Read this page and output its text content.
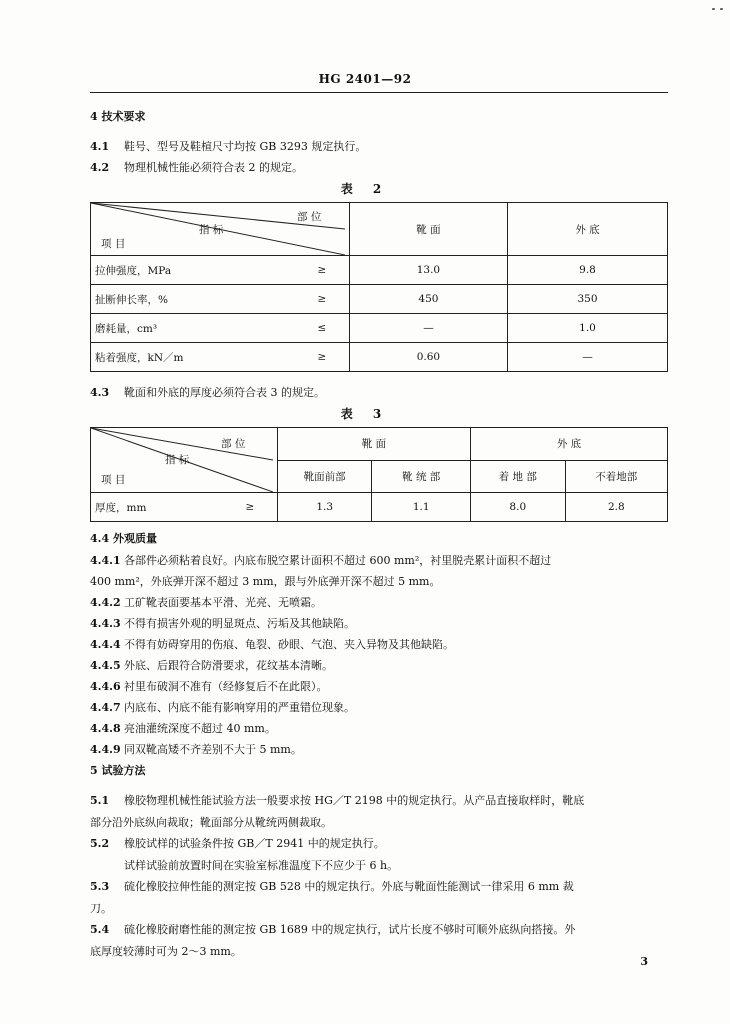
HG 2401—92
4 技术要求
4.1 鞋号、型号及鞋楦尺寸均按 GB 3293 规定执行。
4.2 物理机械性能必须符合表 2 的规定。
表 2
部 位
指 标
项 目		靴 面	外 底
拉伸强度，MPa	≥	13.0	9.8
扯断伸长率，%	≥	450	350
磨耗量，cm³	≤	—	1.0
粘着强度，kN／m	≥	0.60	—
4.3 靴面和外底的厚度必须符合表 3 的规定。
表 3
部 位
指 标
项 目		靴 面		外 底	
		靴面前部	靴 统 部	着 地 部	不着地部
厚度，mm	≥	1.3	1.1	8.0	2.8
4.4 外观质量
4.4.1 各部件必须粘着良好。内底布脱空累计面积不超过 600 mm²，衬里脱壳累计面积不超过
400 mm²，外底弹开深不超过 3 mm，跟与外底弹开深不超过 5 mm。
4.4.2 工矿靴表面要基本平滑、光亮、无喷霜。
4.4.3 不得有损害外观的明显斑点、污垢及其他缺陷。
4.4.4 不得有妨碍穿用的伤痕、龟裂、砂眼、气泡、夹入异物及其他缺陷。
4.4.5 外底、后跟符合防滑要求，花纹基本清晰。
4.4.6 衬里布破洞不准有（经修复后不在此限）。
4.4.7 内底布、内底不能有影响穿用的严重错位现象。
4.4.8 亮油灌统深度不超过 40 mm。
4.4.9 同双靴高矮不齐差别不大于 5 mm。
5 试验方法
5.1 橡胶物理机械性能试验方法一般要求按 HG／T 2198 中的规定执行。从产品直接取样时，靴底
部分沿外底纵向裁取；靴面部分从靴统两侧裁取。
5.2 橡胶试样的试验条件按 GB／T 2941 中的规定执行。
试样试验前放置时间在实验室标准温度下不应少于 6 h。
5.3 硫化橡胶拉伸性能的测定按 GB 528 中的规定执行。外底与靴面性能测试一律采用 6 mm 裁
刀。
5.4 硫化橡胶耐磨性能的测定按 GB 1689 中的规定执行，试片长度不够时可顺外底纵向搭接。外
底厚度较薄时可为 2～3 mm。
3
